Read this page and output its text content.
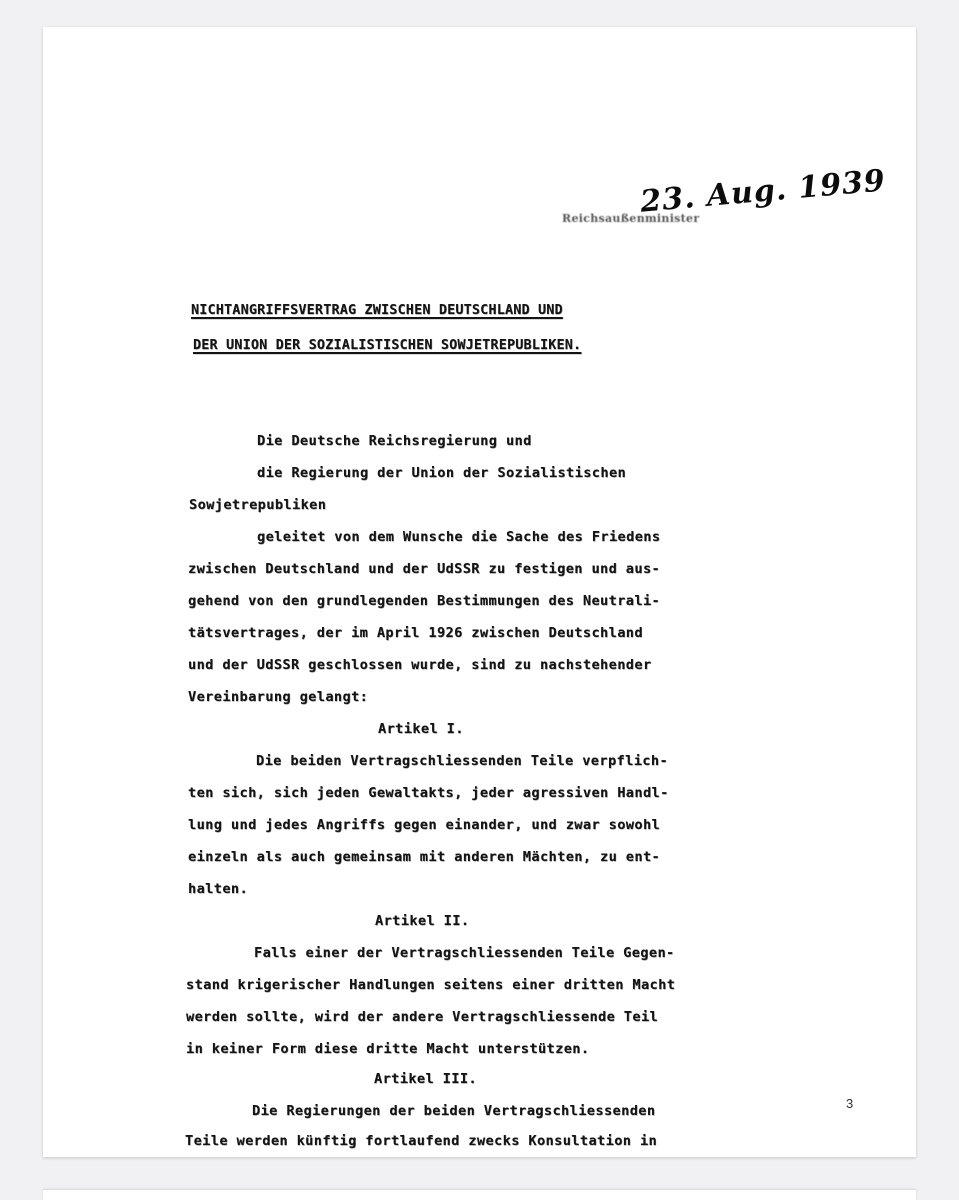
23. Aug. 1939
Reichsaußenminister
NICHTANGRIFFSVERTRAG ZWISCHEN DEUTSCHLAND UND
DER UNION DER SOZIALISTISCHEN SOWJETREPUBLIKEN.
Die Deutsche Reichsregierung und
die Regierung der Union der Sozialistischen
Sowjetrepubliken
geleitet von dem Wunsche die Sache des Friedens
zwischen Deutschland und der UdSSR zu festigen und aus-
gehend von den grundlegenden Bestimmungen des Neutrali-
tätsvertrages, der im April 1926 zwischen Deutschland
und der UdSSR geschlossen wurde, sind zu nachstehender
Vereinbarung gelangt:
Artikel I.
Die beiden Vertragschliessenden Teile verpflich-
ten sich, sich jeden Gewaltakts, jeder agressiven Handl-
lung und jedes Angriffs gegen einander, und zwar sowohl
einzeln als auch gemeinsam mit anderen Mächten, zu ent-
halten.
Artikel II.
Falls einer der Vertragschliessenden Teile Gegen-
stand krigerischer Handlungen seitens einer dritten Macht
werden sollte, wird der andere Vertragschliessende Teil
in keiner Form diese dritte Macht unterstützen.
Artikel III.
Die Regierungen der beiden Vertragschliessenden
Teile werden künftig fortlaufend zwecks Konsultation in
3
